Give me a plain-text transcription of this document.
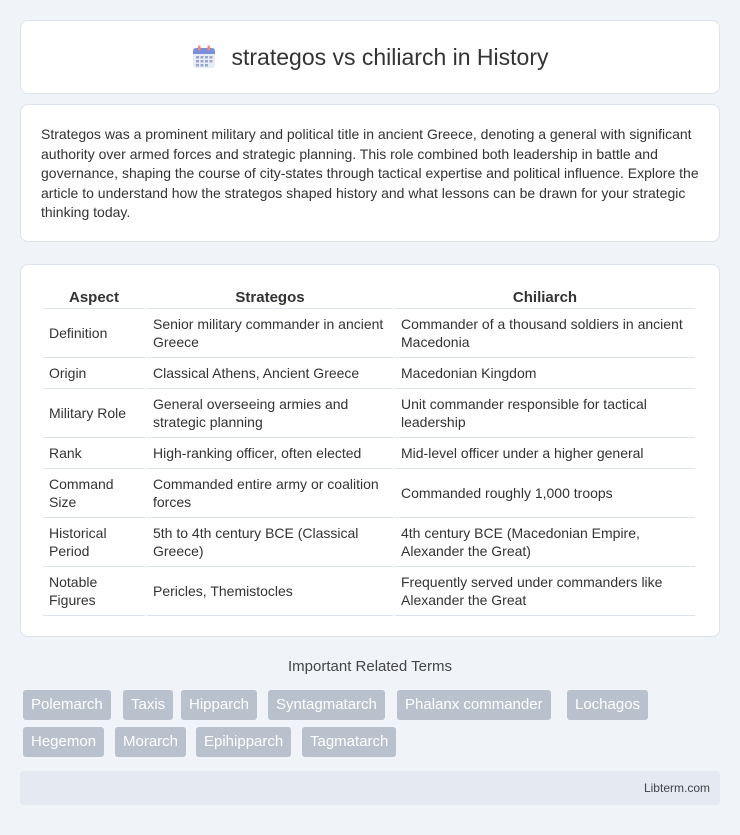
strategos vs chiliarch in History

Strategos was a prominent military and political title in ancient Greece, denoting a general with significant authority over armed forces and strategic planning. This role combined both leadership in battle and governance, shaping the course of city-states through tactical expertise and political influence. Explore the article to understand how the strategos shaped history and what lessons can be drawn for your strategic thinking today.

Aspect	Strategos	Chiliarch
Definition	Senior military commander in ancient Greece	Commander of a thousand soldiers in ancient Macedonia
Origin	Classical Athens, Ancient Greece	Macedonian Kingdom
Military Role	General overseeing armies and strategic planning	Unit commander responsible for tactical leadership
Rank	High-ranking officer, often elected	Mid-level officer under a higher general
Command Size	Commanded entire army or coalition forces	Commanded roughly 1,000 troops
Historical Period	5th to 4th century BCE (Classical Greece)	4th century BCE (Macedonian Empire, Alexander the Great)
Notable Figures	Pericles, Themistocles	Frequently served under commanders like Alexander the Great
Important Related Terms
Polemarch	Taxis	Hipparch	Syntagmatarch	Phalanx commander	Lochagos
Hegemon	Morarch	Epihipparch	Tagmatarch
Libterm.com
